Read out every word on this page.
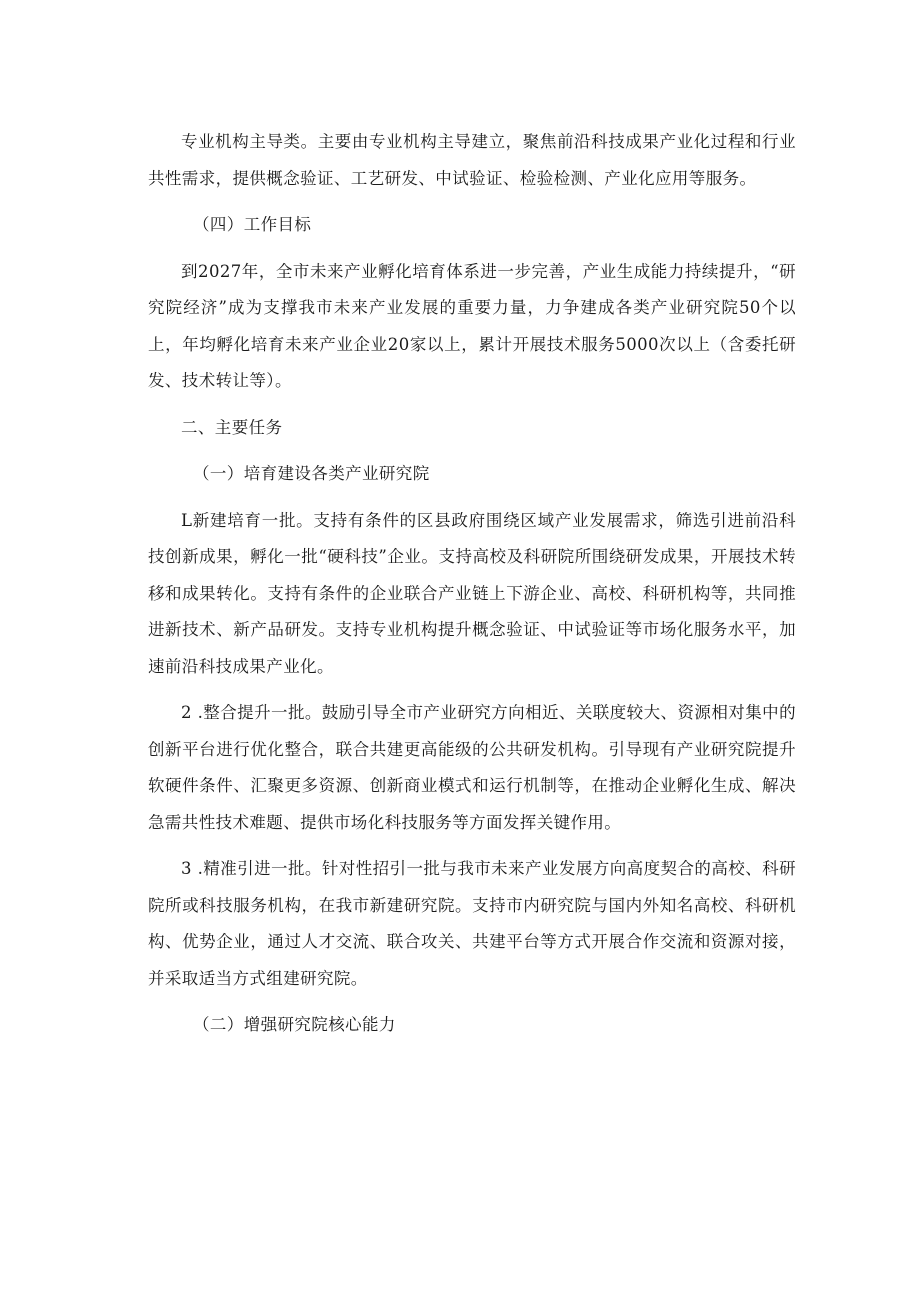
专业机构主导类。主要由专业机构主导建立，聚焦前沿科技成果产业化过程和行业共性需求，提供概念验证、工艺研发、中试验证、检验检测、产业化应用等服务。

（四）工作目标

到2027年，全市未来产业孵化培育体系进一步完善，产业生成能力持续提升，“研究院经济”成为支撑我市未来产业发展的重要力量，力争建成各类产业研究院50个以上，年均孵化培育未来产业企业20家以上，累计开展技术服务5000次以上（含委托研发、技术转让等）。

二、主要任务

（一）培育建设各类产业研究院

L新建培育一批。支持有条件的区县政府围绕区域产业发展需求，筛选引进前沿科技创新成果，孵化一批“硬科技”企业。支持高校及科研院所围绕研发成果，开展技术转移和成果转化。支持有条件的企业联合产业链上下游企业、高校、科研机构等，共同推进新技术、新产品研发。支持专业机构提升概念验证、中试验证等市场化服务水平，加速前沿科技成果产业化。

2 .整合提升一批。鼓励引导全市产业研究方向相近、关联度较大、资源相对集中的创新平台进行优化整合，联合共建更高能级的公共研发机构。引导现有产业研究院提升软硬件条件、汇聚更多资源、创新商业模式和运行机制等，在推动企业孵化生成、解决急需共性技术难题、提供市场化科技服务等方面发挥关键作用。

3 .精准引进一批。针对性招引一批与我市未来产业发展方向高度契合的高校、科研院所或科技服务机构，在我市新建研究院。支持市内研究院与国内外知名高校、科研机构、优势企业，通过人才交流、联合攻关、共建平台等方式开展合作交流和资源对接，并采取适当方式组建研究院。

（二）增强研究院核心能力
